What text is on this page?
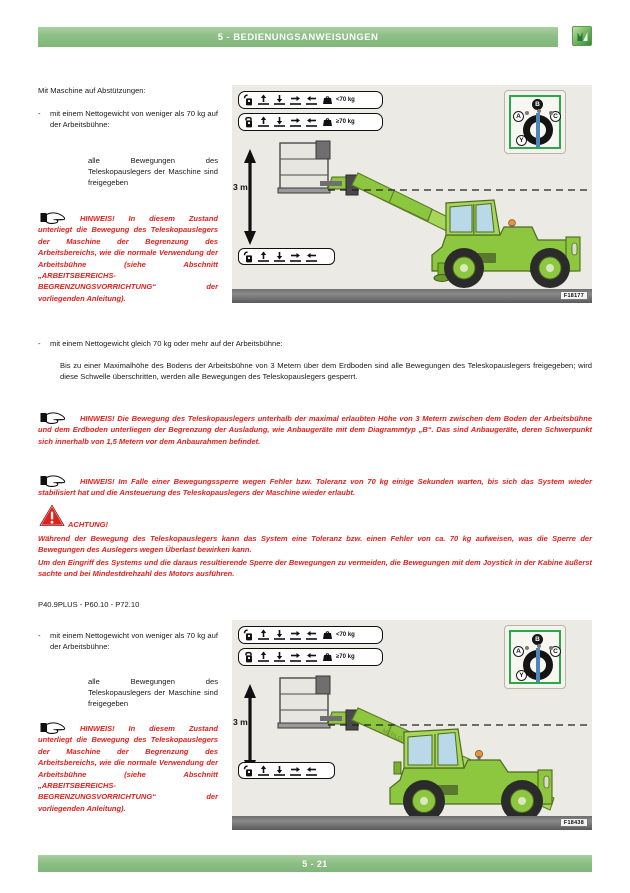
5 - BEDIENUNGSANWEISUNGEN
Mit Maschine auf Abstützungen:
-	mit einem Nettogewicht von weniger als 70 kg auf der Arbeitsbühne:
alle Bewegungen des Teleskopauslegers der Maschine sind freigegeben
HINWEIS! In diesem Zustand unterliegt die Bewegung des Teleskopauslegers der Maschine der Begrenzung des Arbeitsbereichs, wie die normale Verwendung der Arbeitsbühne (siehe Abschnitt „ARBEITSBEREICHS-BEGRENZUNGSVORRICHTUNG“ der vorliegenden Anleitung).
3 m
<70 kg
≥70 kg
A
B
C
Y
F18177
-	mit einem Nettogewicht gleich 70 kg oder mehr auf der Arbeitsbühne:
Bis zu einer Maximalhöhe des Bodens der Arbeitsbühne von 3 Metern über dem Erdboden sind alle Bewegungen des Teleskopauslegers freigegeben; wird diese Schwelle überschritten, werden alle Bewegungen des Teleskopauslegers gesperrt.
HINWEIS! Die Bewegung des Teleskopauslegers unterhalb der maximal erlaubten Höhe von 3 Metern zwischen dem Boden der Arbeitsbühne und dem Erdboden unterliegen der Begrenzung der Ausladung, wie Anbaugeräte mit dem Diagrammtyp „B“. Das sind Anbaugeräte, deren Schwerpunkt sich innerhalb von 1,5 Metern vor dem Anbaurahmen befindet.
HINWEIS! Im Falle einer Bewegungssperre wegen Fehler bzw. Toleranz von 70 kg einige Sekunden warten, bis sich das System wieder stabilisiert hat und die Ansteuerung des Teleskopauslegers der Maschine wieder erlaubt.
ACHTUNG!
Während der Bewegung des Teleskopauslegers kann das System eine Toleranz bzw. einen Fehler von ca. 70 kg aufweisen, was die Sperre der Bewegungen des Auslegers wegen Überlast bewirken kann.
Um den Eingriff des Systems und die daraus resultierende Sperre der Bewegungen zu vermeiden, die Bewegungen mit dem Joystick in der Kabine äußerst sachte und bei Mindestdrehzahl des Motors ausführen.
P40.9PLUS - P60.10 - P72.10
-	mit einem Nettogewicht von weniger als 70 kg auf der Arbeitsbühne:
alle Bewegungen des Teleskopauslegers der Maschine sind freigegeben
HINWEIS! In diesem Zustand unterliegt die Bewegung des Teleskopauslegers der Maschine der Begrenzung des Arbeitsbereichs, wie die normale Verwendung der Arbeitsbühne (siehe Abschnitt „ARBEITSBEREICHS-BEGRENZUNGSVORRICHTUNG“ der vorliegenden Anleitung).
MERLO
3 m
<70 kg
≥70 kg
A
B
C
Y
F18438
5 - 21
